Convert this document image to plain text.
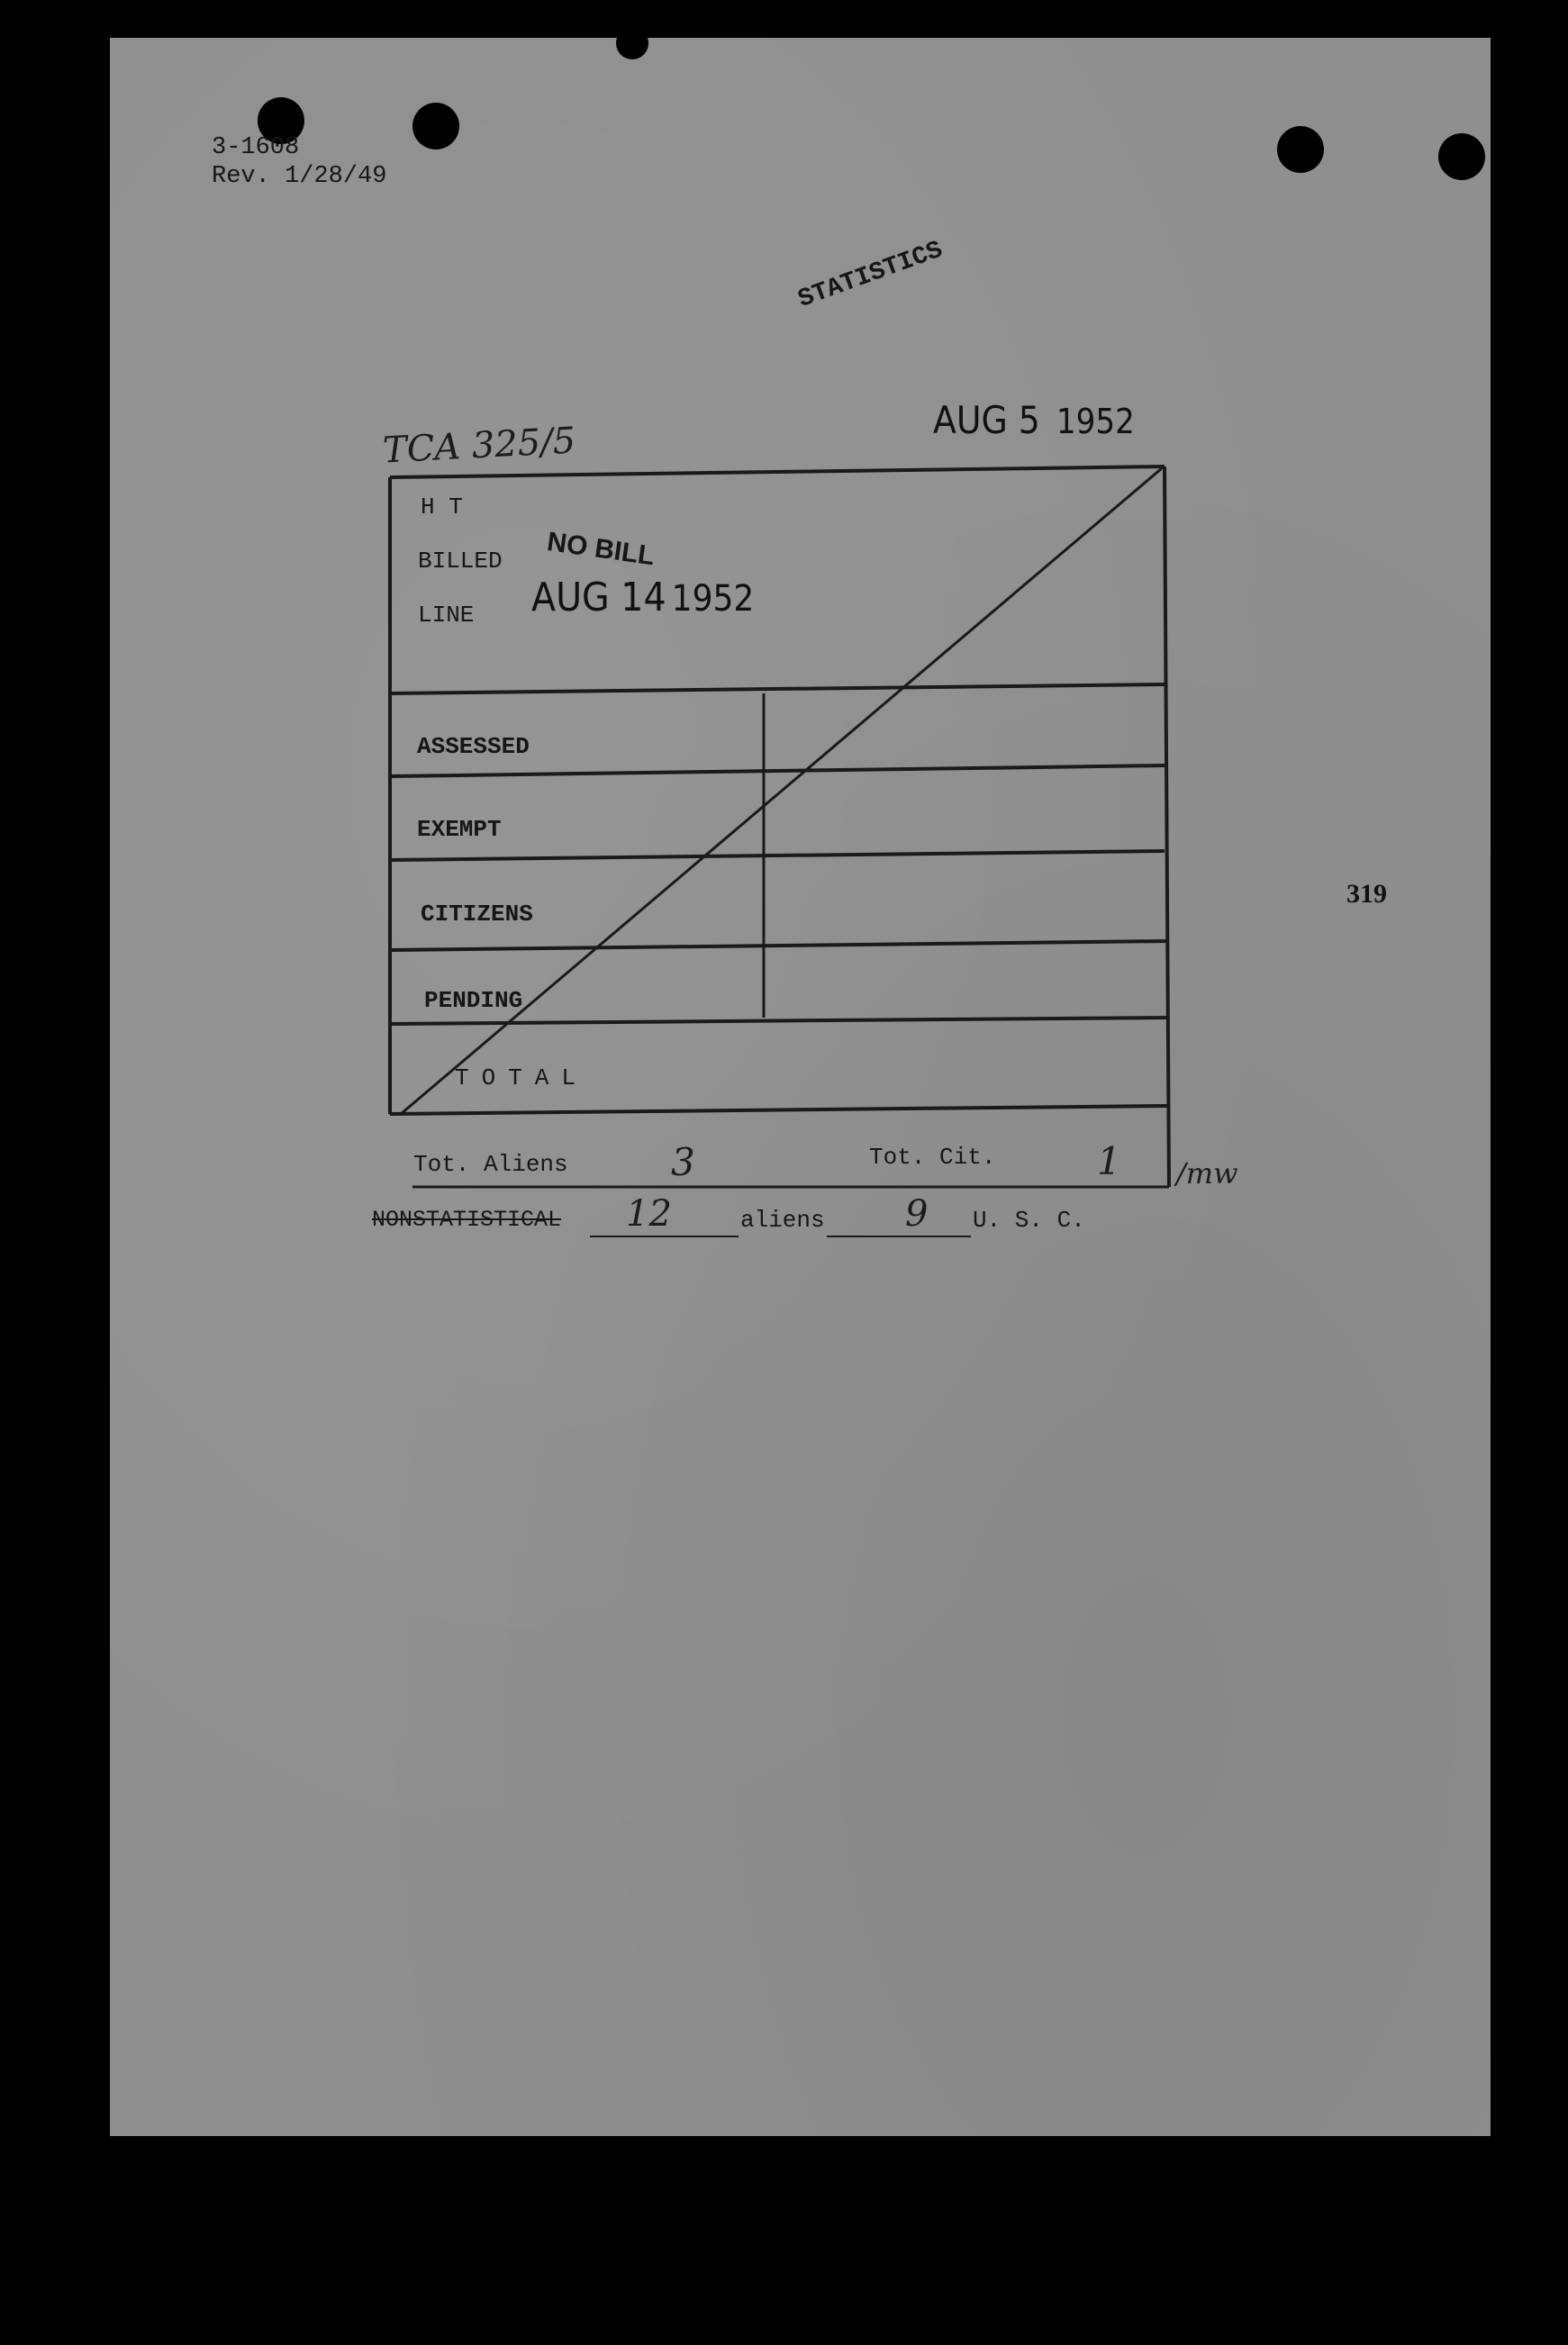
3-1608
Rev. 1/28/49
STATISTICS
AUG 5 1952
TCA 325/5
H T
BILLED
LINE
NO BILL
AUG 14 1952
ASSESSED
EXEMPT
CITIZENS
PENDING
TOTAL
Tot. Aliens	3	Tot. Cit.	1 /mw
NONSTATISTICAL 12	aliens 9 U. S. C.
319
